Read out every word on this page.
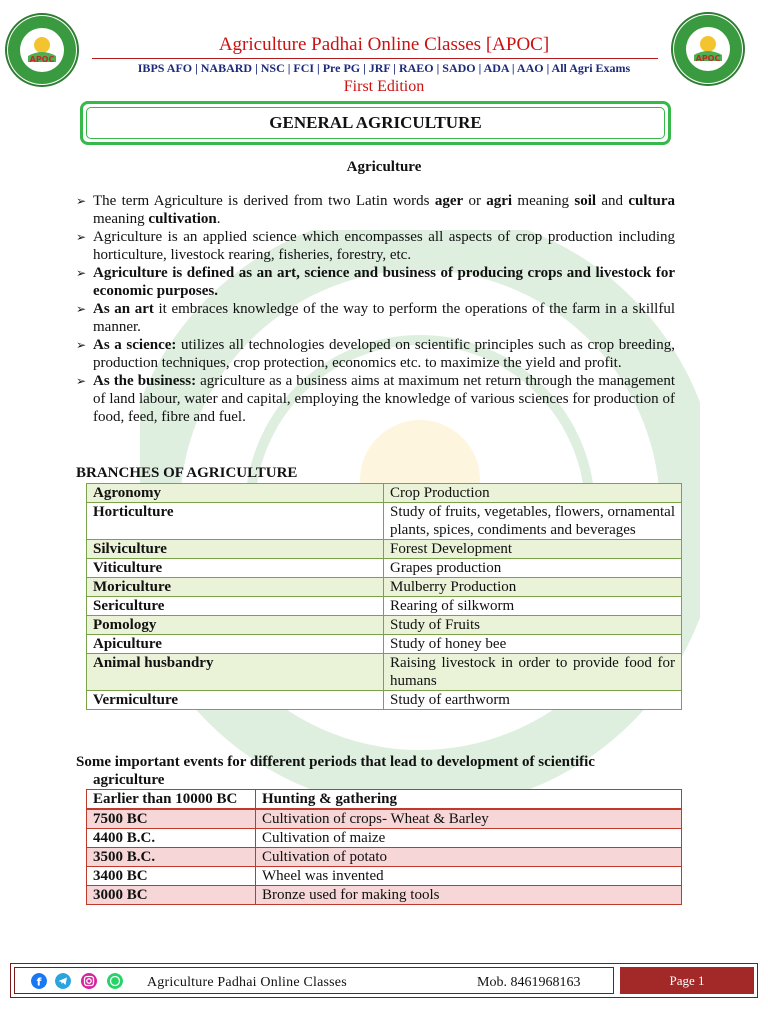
APOC	APOC
Agriculture Padhai Online Classes [APOC]
IBPS AFO | NABARD | NSC | FCI | Pre PG | JRF | RAEO | SADO | ADA | AAO | All Agri Exams
First Edition
GENERAL AGRICULTURE
Agriculture
➢ The term Agriculture is derived from two Latin words ager or agri meaning soil and cultura meaning cultivation.
➢ Agriculture is an applied science which encompasses all aspects of crop production including horticulture, livestock rearing, fisheries, forestry, etc.
➢ Agriculture is defined as an art, science and business of producing crops and livestock for economic purposes.
➢ As an art it embraces knowledge of the way to perform the operations of the farm in a skillful manner.
➢ As a science: utilizes all technologies developed on scientific principles such as crop breeding, production techniques, crop protection, economics etc. to maximize the yield and profit.
➢ As the business: agriculture as a business aims at maximum net return through the management of land labour, water and capital, employing the knowledge of various sciences for production of food, feed, fibre and fuel.
BRANCHES OF AGRICULTURE
Agronomy	Crop Production
Horticulture	Study of fruits, vegetables, flowers, ornamental plants, spices, condiments and beverages
Silviculture	Forest Development
Viticulture	Grapes production
Moriculture	Mulberry Production
Sericulture	Rearing of silkworm
Pomology	Study of Fruits
Apiculture	Study of honey bee
Animal husbandry	Raising livestock in order to provide food for humans
Vermiculture	Study of earthworm
Some important events for different periods that lead to development of scientific
agriculture
Earlier than 10000 BC	Hunting & gathering
7500 BC	Cultivation of crops- Wheat & Barley
4400 B.C.	Cultivation of maize
3500 B.C.	Cultivation of potato
3400 BC	Wheel was invented
3000 BC	Bronze used for making tools
f	Agriculture Padhai Online Classes	Mob. 8461968163	Page 1
